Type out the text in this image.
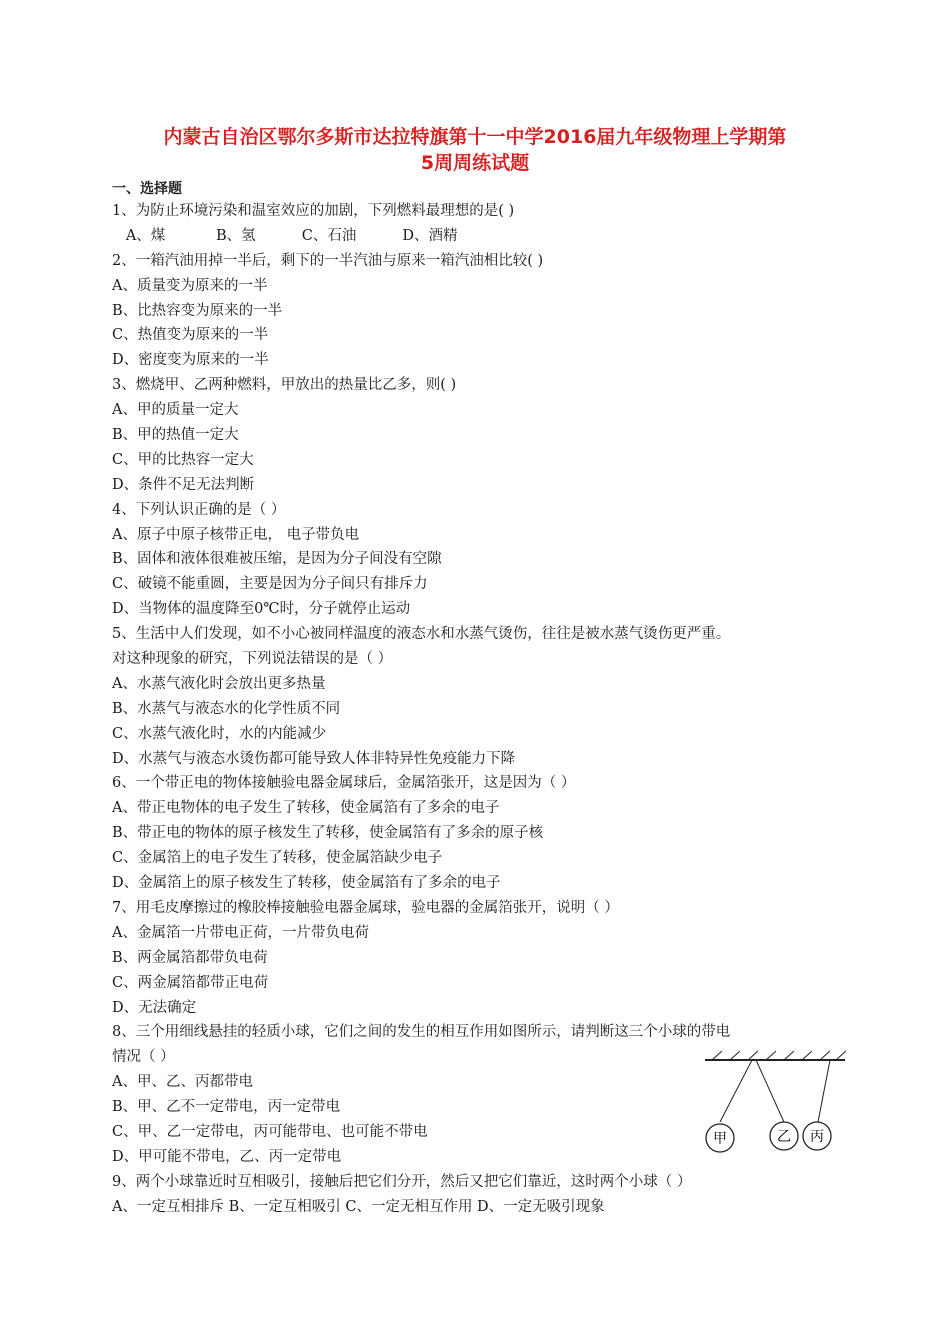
内蒙古自治区鄂尔多斯市达拉特旗第十一中学2016届九年级物理上学期第
5周周练试题
一、选择题
1、为防止环境污染和温室效应的加剧，下列燃料最理想的是( )
A、煤           B、氢          C、石油          D、酒精
2、一箱汽油用掉一半后，剩下的一半汽油与原来一箱汽油相比较( )
A、质量变为原来的一半
B、比热容变为原来的一半
C、热值变为原来的一半
D、密度变为原来的一半
3、燃烧甲、乙两种燃料，甲放出的热量比乙多，则( )
A、甲的质量一定大
B、甲的热值一定大
C、甲的比热容一定大
D、条件不足无法判断
4、下列认识正确的是（ ）
A、原子中原子核带正电， 电子带负电
B、固体和液体很难被压缩，是因为分子间没有空隙
C、破镜不能重圆，主要是因为分子间只有排斥力
D、当物体的温度降至0℃时，分子就停止运动
5、生活中人们发现，如不小心被同样温度的液态水和水蒸气烫伤，往往是被水蒸气烫伤更严重。
对这种现象的研究，下列说法错误的是（ ）
A、水蒸气液化时会放出更多热量
B、水蒸气与液态水的化学性质不同
C、水蒸气液化时，水的内能减少
D、水蒸气与液态水烫伤都可能导致人体非特异性免疫能力下降
6、一个带正电的物体接触验电器金属球后，金属箔张开，这是因为（ ）
A、带正电物体的电子发生了转移，使金属箔有了多余的电子
B、带正电的物体的原子核发生了转移，使金属箔有了多余的原子核
C、金属箔上的电子发生了转移，使金属箔缺少电子
D、金属箔上的原子核发生了转移，使金属箔有了多余的电子
7、用毛皮摩擦过的橡胶棒接触验电器金属球，验电器的金属箔张开，说明（ ）
A、金属箔一片带电正荷，一片带负电荷
B、两金属箔都带负电荷
C、两金属箔都带正电荷
D、无法确定
8、三个用细线悬挂的轻质小球，它们之间的发生的相互作用如图所示，请判断这三个小球的带电
情况（ ）
A、甲、乙、丙都带电
B、甲、乙不一定带电，丙一定带电
C、甲、乙一定带电，丙可能带电、也可能不带电
D、甲可能不带电，乙、丙一定带电
9、两个小球靠近时互相吸引，接触后把它们分开，然后又把它们靠近，这时两个小球（ ）
A、一定互相排斥 B、一定互相吸引 C、一定无相互作用 D、一定无吸引现象
甲	乙 丙
